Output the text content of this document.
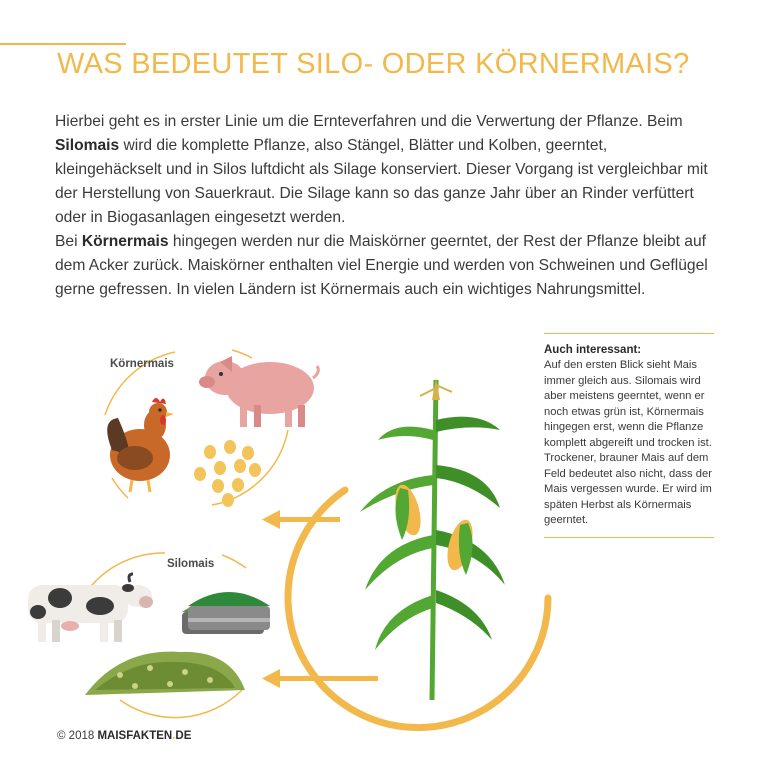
WAS BEDEUTET SILO- ODER KÖRNERMAIS?

Hierbei geht es in erster Linie um die Ernteverfahren und die Verwertung der Pflanze. Beim Silomais wird die komplette Pflanze, also Stängel, Blätter und Kolben, geerntet, kleingehäckselt und in Silos luftdicht als Silage konserviert. Dieser Vorgang ist vergleichbar mit der Herstellung von Sauerkraut. Die Silage kann so das ganze Jahr über an Rinder verfüttert oder in Biogasanlagen eingesetzt werden.

Bei Körnermais hingegen werden nur die Maiskörner geerntet, der Rest der Pflanze bleibt auf dem Acker zurück. Maiskörner enthalten viel Energie und werden von Schweinen und Geflügel gerne gefressen. In vielen Ländern ist Körnermais auch ein wichtiges Nahrungsmittel.

Auch interessant:
Auf den ersten Blick sieht Mais immer gleich aus. Silomais wird aber meistens geerntet, wenn er noch etwas grün ist, Körnermais hingegen erst, wenn die Pflanze komplett abgereift und trocken ist. Trockener, brauner Mais auf dem Feld bedeutet also nicht, dass der Mais vergessen wurde. Er wird im späten Herbst als Körnermais geerntet.
Körnermais
Silomais
© 2018 MAISFAKTEN.DE
